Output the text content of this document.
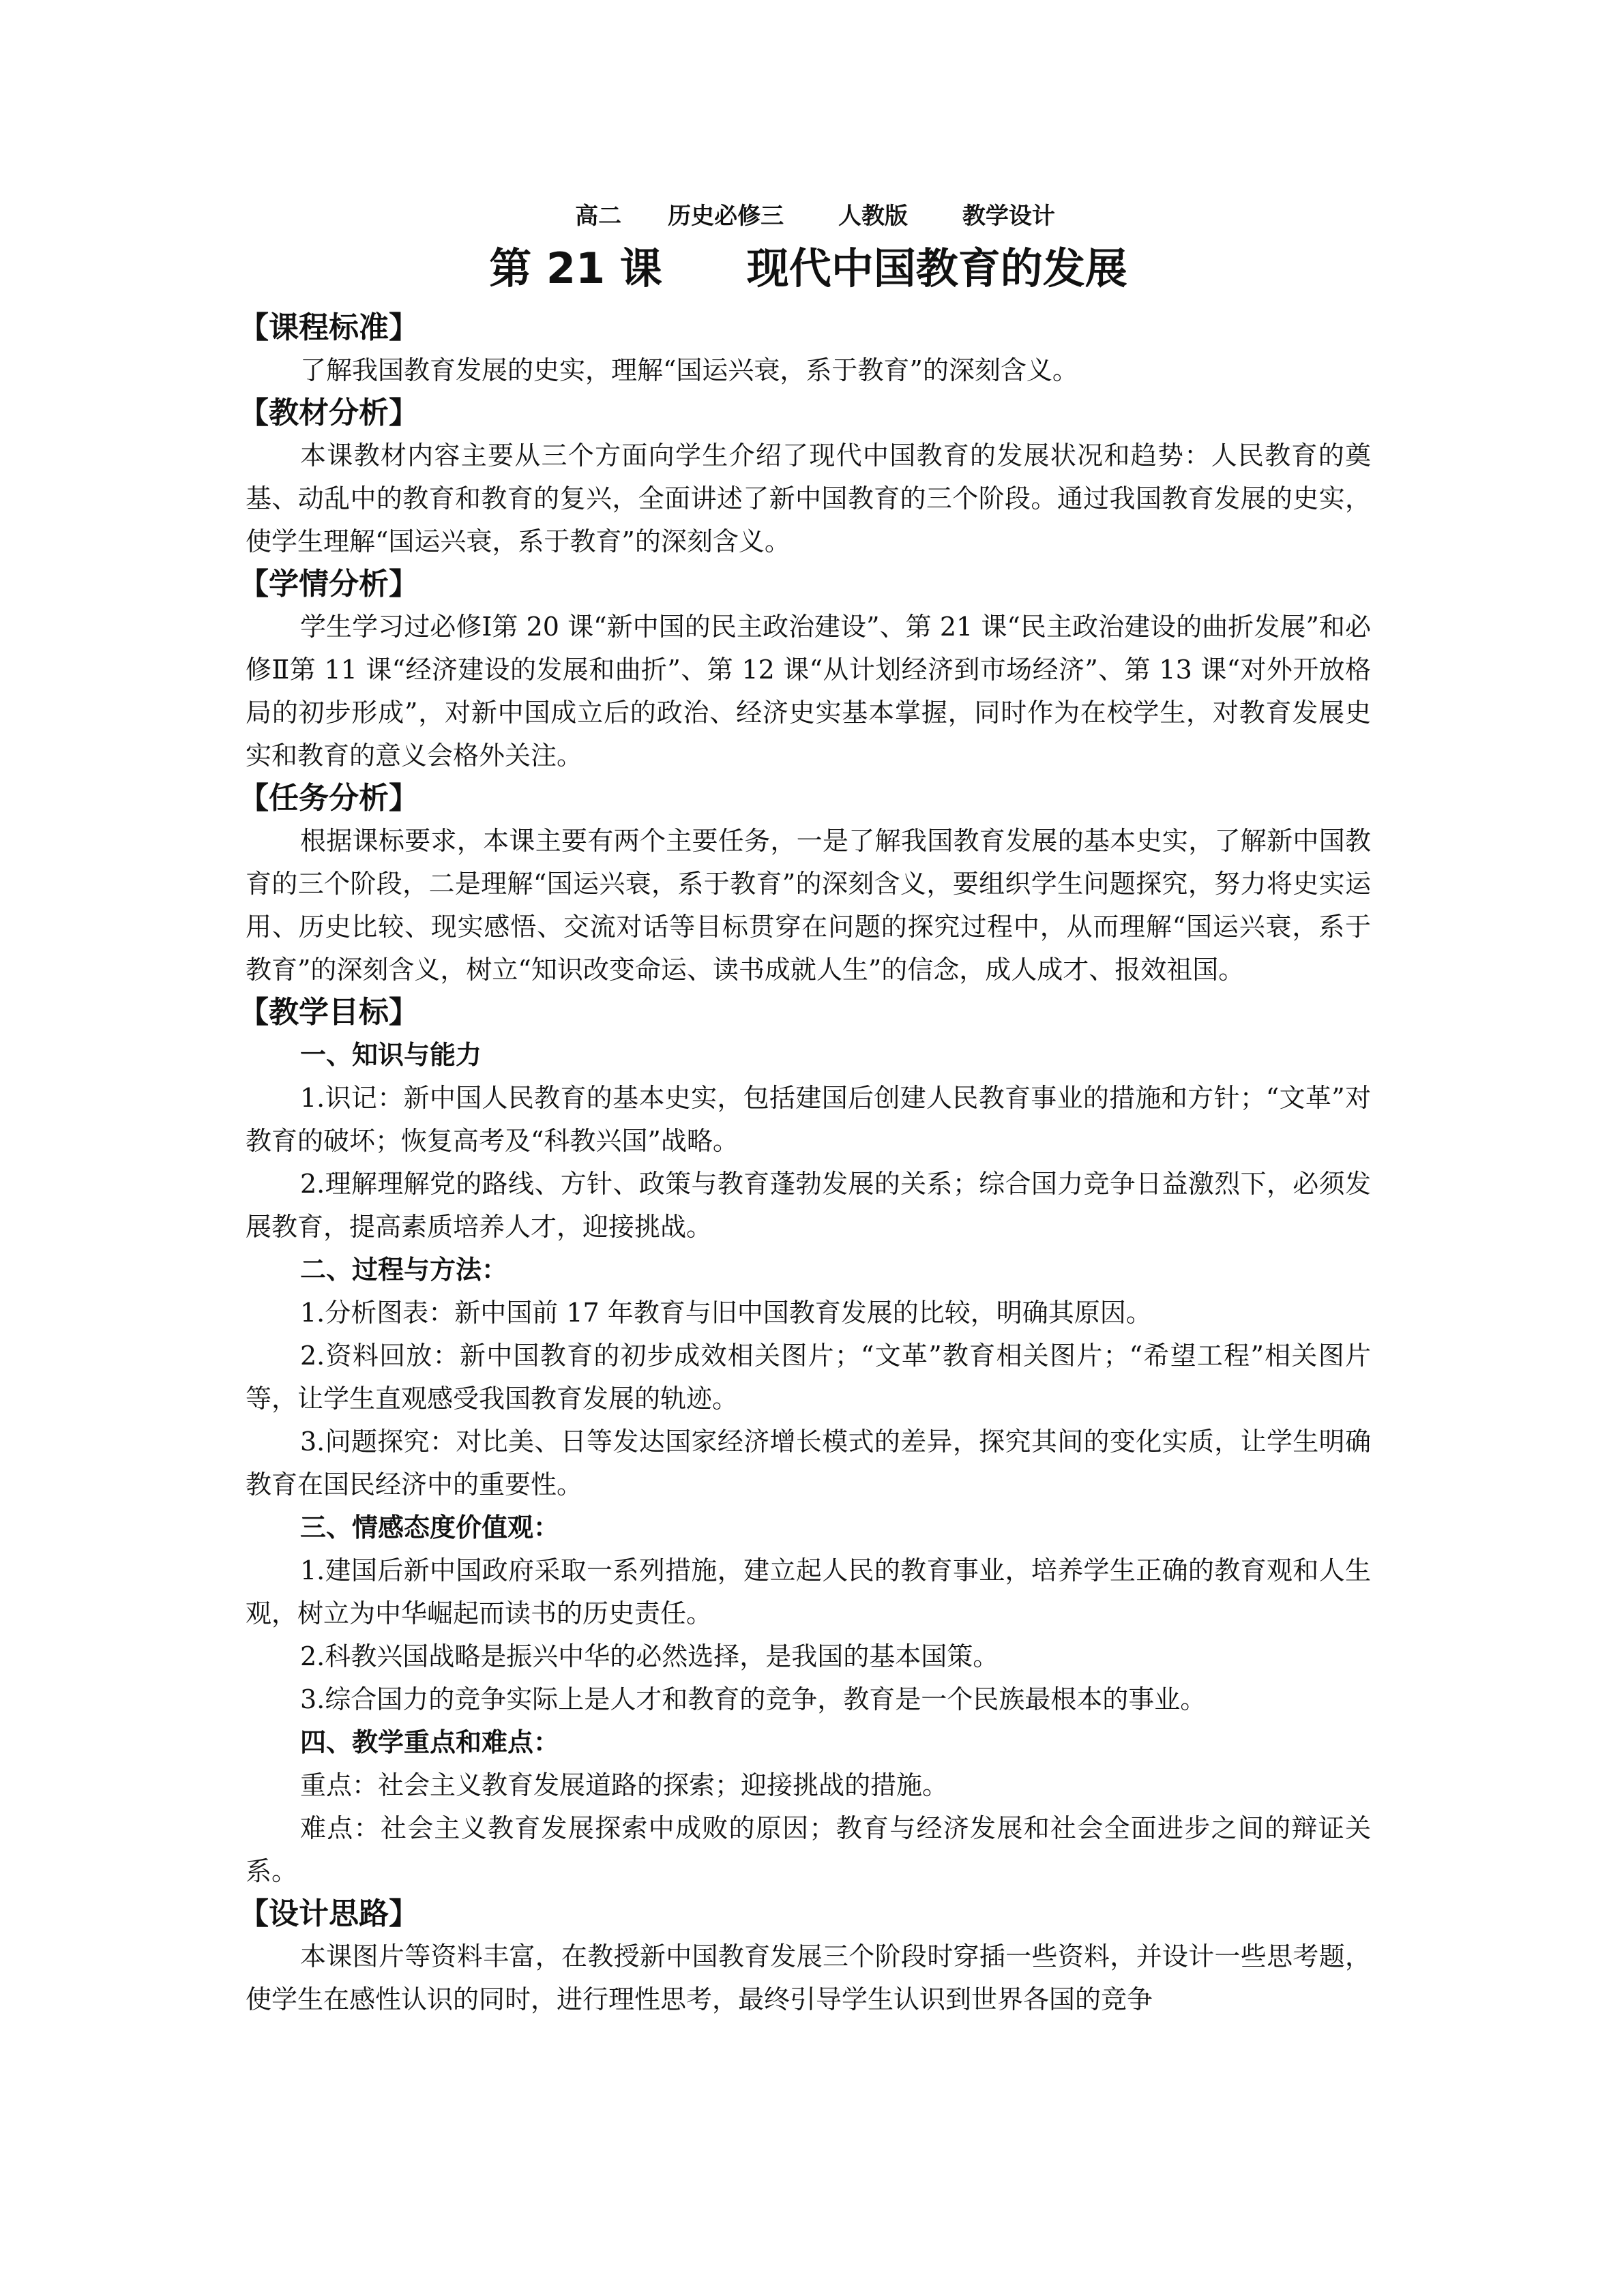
高二　　历史必修三　　 人教版　　 教学设计
第 21 课　　现代中国教育的发展
【课程标准】

了解我国教育发展的史实，理解“国运兴衰，系于教育”的深刻含义。

【教材分析】

本课教材内容主要从三个方面向学生介绍了现代中国教育的发展状况和趋势：人民教育的奠基、动乱中的教育和教育的复兴，全面讲述了新中国教育的三个阶段。通过我国教育发展的史实，使学生理解“国运兴衰，系于教育”的深刻含义。

【学情分析】

学生学习过必修Ⅰ第 20 课“新中国的民主政治建设”、第 21 课“民主政治建设的曲折发展”和必修Ⅱ第 11 课“经济建设的发展和曲折”、第 12 课“从计划经济到市场经济”、第 13 课“对外开放格局的初步形成”，对新中国成立后的政治、经济史实基本掌握，同时作为在校学生，对教育发展史实和教育的意义会格外关注。

【任务分析】

根据课标要求，本课主要有两个主要任务，一是了解我国教育发展的基本史实，了解新中国教育的三个阶段，二是理解“国运兴衰，系于教育”的深刻含义，要组织学生问题探究，努力将史实运用、历史比较、现实感悟、交流对话等目标贯穿在问题的探究过程中，从而理解“国运兴衰，系于教育”的深刻含义，树立“知识改变命运、读书成就人生”的信念，成人成才、报效祖国。

【教学目标】
一、知识与能力

1.识记：新中国人民教育的基本史实，包括建国后创建人民教育事业的措施和方针；“文革”对教育的破坏；恢复高考及“科教兴国”战略。

2.理解理解党的路线、方针、政策与教育蓬勃发展的关系；综合国力竞争日益激烈下，必须发展教育，提高素质培养人才，迎接挑战。

二、过程与方法：

1.分析图表：新中国前 17 年教育与旧中国教育发展的比较，明确其原因。

2.资料回放：新中国教育的初步成效相关图片；“文革”教育相关图片；“希望工程”相关图片等，让学生直观感受我国教育发展的轨迹。

3.问题探究：对比美、日等发达国家经济增长模式的差异，探究其间的变化实质，让学生明确教育在国民经济中的重要性。

三、情感态度价值观：

1.建国后新中国政府采取一系列措施，建立起人民的教育事业，培养学生正确的教育观和人生观，树立为中华崛起而读书的历史责任。

2.科教兴国战略是振兴中华的必然选择，是我国的基本国策。

3.综合国力的竞争实际上是人才和教育的竞争，教育是一个民族最根本的事业。

四、教学重点和难点：

重点：社会主义教育发展道路的探索；迎接挑战的措施。

难点：社会主义教育发展探索中成败的原因；教育与经济发展和社会全面进步之间的辩证关系。

【设计思路】

本课图片等资料丰富，在教授新中国教育发展三个阶段时穿插一些资料，并设计一些思考题，使学生在感性认识的同时，进行理性思考，最终引导学生认识到世界各国的竞争
